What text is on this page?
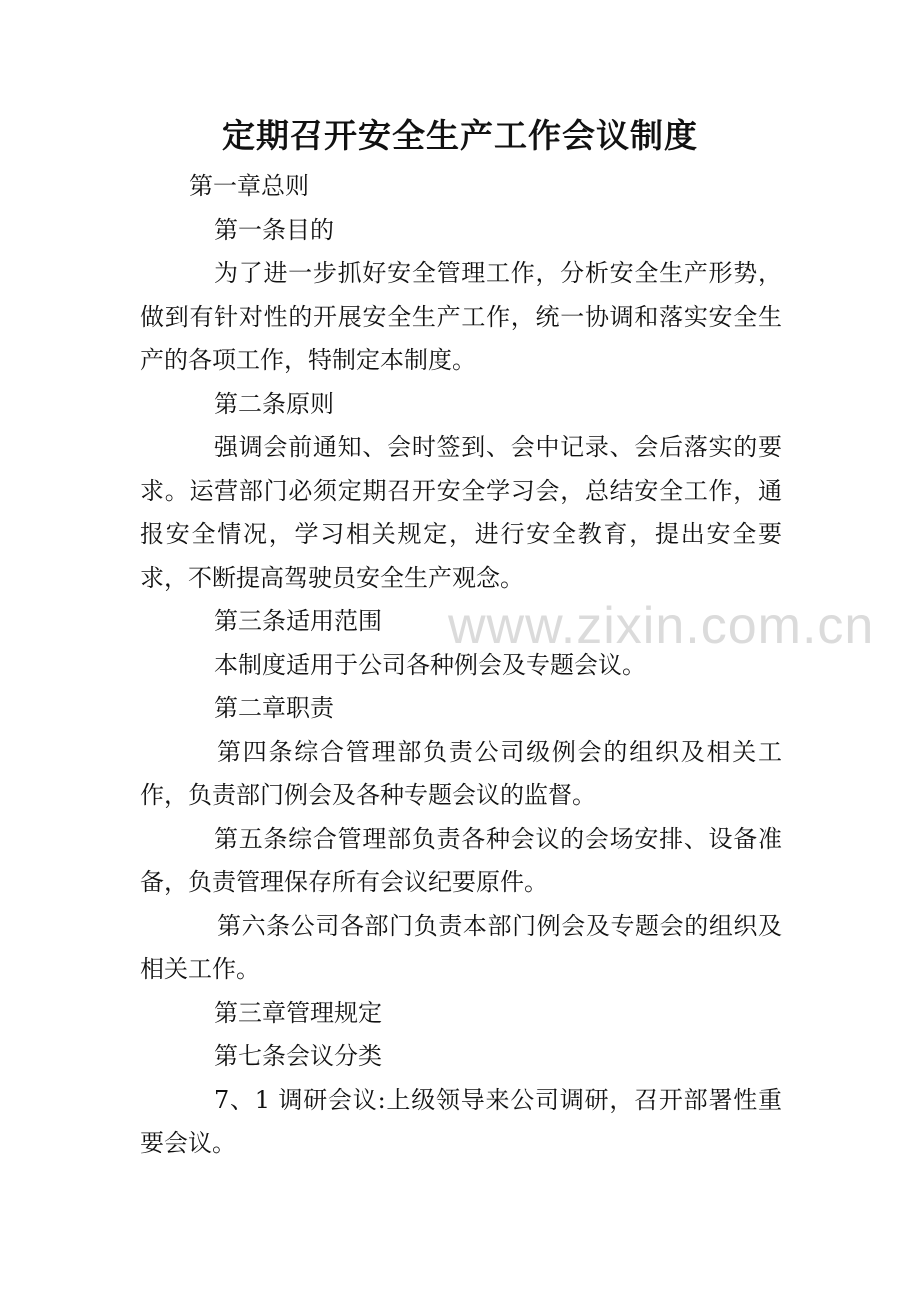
定期召开安全生产工作会议制度

第一章总则

第一条目的

为了进一步抓好安全管理工作，分析安全生产形势，做到有针对性的开展安全生产工作，统一协调和落实安全生产的各项工作，特制定本制度。

第二条原则

强调会前通知、会时签到、会中记录、会后落实的要求。运营部门必须定期召开安全学习会，总结安全工作，通报安全情况，学习相关规定，进行安全教育，提出安全要求，不断提高驾驶员安全生产观念。

第三条适用范围

本制度适用于公司各种例会及专题会议。

第二章职责

第四条综合管理部负责公司级例会的组织及相关工作，负责部门例会及各种专题会议的监督。

第五条综合管理部负责各种会议的会场安排、设备准备，负责管理保存所有会议纪要原件。

第六条公司各部门负责本部门例会及专题会的组织及相关工作。

第三章管理规定

第七条会议分类

7、1 调研会议:上级领导来公司调研，召开部署性重要会议。

www.zixin.com.cn
